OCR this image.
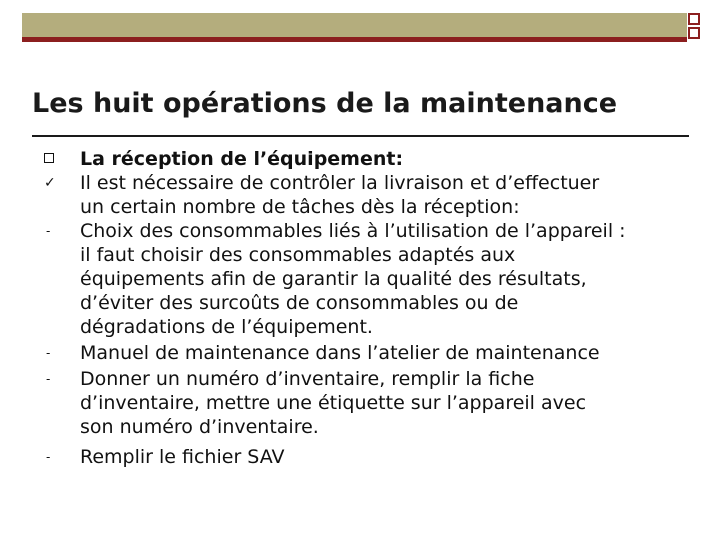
Les huit opérations de la maintenance
La réception de l’équipement:
✓ Il est nécessaire de contrôler la livraison et d’effectuer
un certain nombre de tâches dès la réception:
-	Choix des consommables liés à l’utilisation de l’appareil :
il faut choisir des consommables adaptés aux
équipements afin de garantir la qualité des résultats,
d’éviter des surcoûts de consommables ou de
dégradations de l’équipement.
-	Manuel de maintenance dans l’atelier de maintenance
-	Donner un numéro d’inventaire, remplir la fiche
d’inventaire, mettre une étiquette sur l’appareil avec
son numéro d’inventaire.
-	Remplir le fichier SAV
